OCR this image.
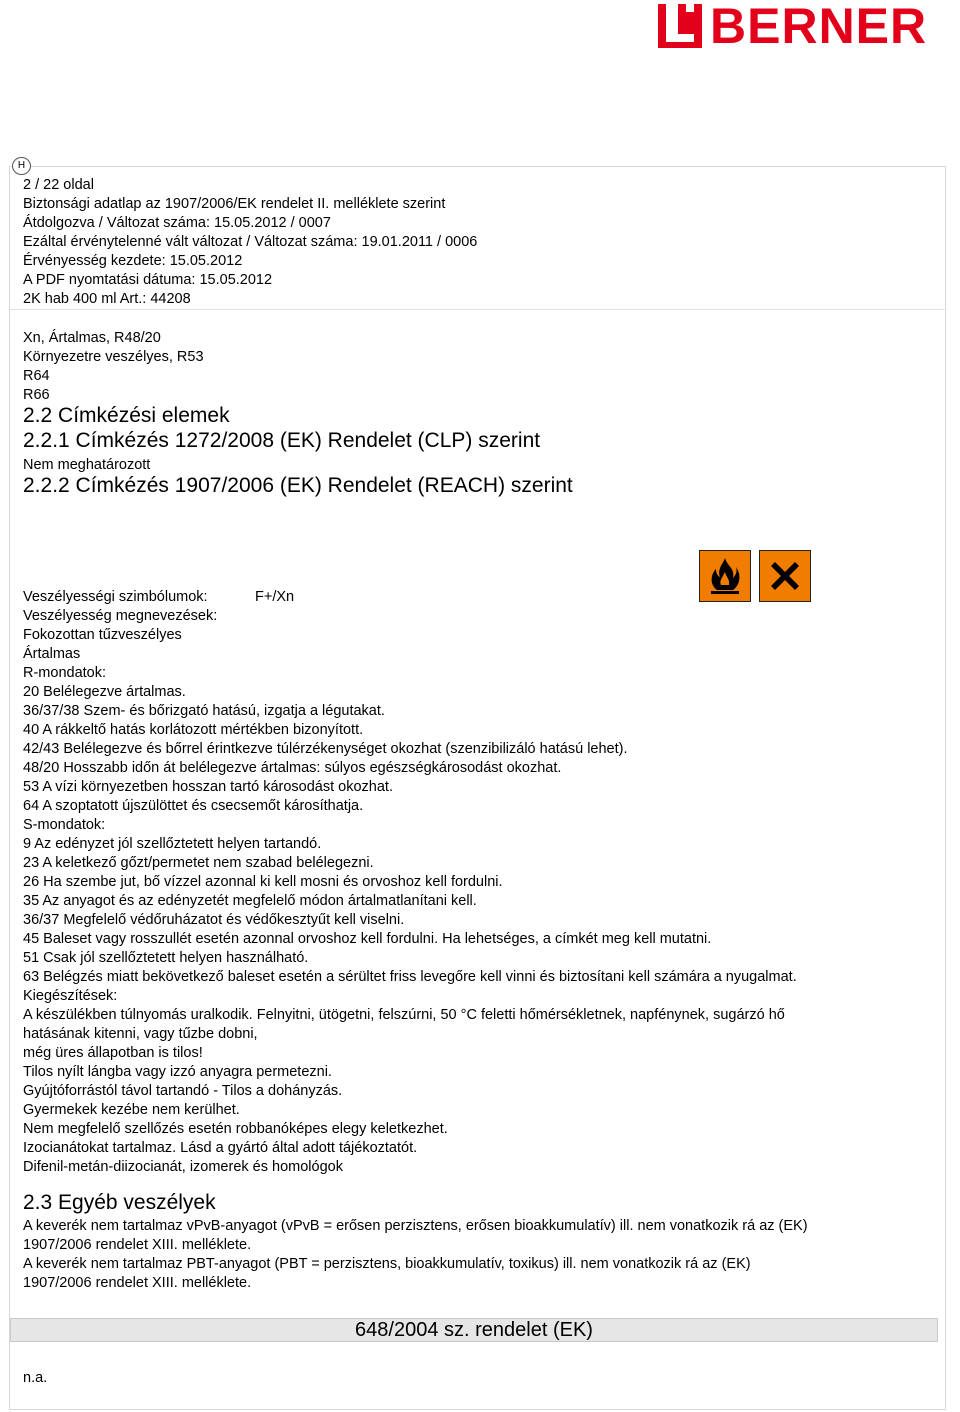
BERNER
H
2 / 22 oldal
Biztonsági adatlap az 1907/2006/EK rendelet II. melléklete szerint
Átdolgozva / Változat száma: 15.05.2012 / 0007
Ezáltal érvénytelenné vált változat / Változat száma: 19.01.2011 / 0006
Érvényesség kezdete: 15.05.2012
A PDF nyomtatási dátuma: 15.05.2012
2K hab 400 ml Art.: 44208
Xn, Ártalmas, R48/20
Környezetre veszélyes, R53
R64
R66
2.2 Címkézési elemek
2.2.1 Címkézés 1272/2008 (EK) Rendelet (CLP) szerint
Nem meghatározott
2.2.2 Címkézés 1907/2006 (EK) Rendelet (REACH) szerint
Veszélyességi szimbólumok:	F+/Xn
Veszélyesség megnevezések:
Fokozottan tűzveszélyes
Ártalmas
R-mondatok:
20 Belélegezve ártalmas.
36/37/38 Szem- és bőrizgató hatású, izgatja a légutakat.
40 A rákkeltő hatás korlátozott mértékben bizonyított.
42/43 Belélegezve és bőrrel érintkezve túlérzékenységet okozhat (szenzibilizáló hatású lehet).
48/20 Hosszabb időn át belélegezve ártalmas: súlyos egészségkárosodást okozhat.
53 A vízi környezetben hosszan tartó károsodást okozhat.
64 A szoptatott újszülöttet és csecsemőt károsíthatja.
S-mondatok:
9 Az edényzet jól szellőztetett helyen tartandó.
23 A keletkező gőzt/permetet nem szabad belélegezni.
26 Ha szembe jut, bő vízzel azonnal ki kell mosni és orvoshoz kell fordulni.
35 Az anyagot és az edényzetét megfelelő módon ártalmatlanítani kell.
36/37 Megfelelő védőruházatot és védőkesztyűt kell viselni.
45 Baleset vagy rosszullét esetén azonnal orvoshoz kell fordulni. Ha lehetséges, a címkét meg kell mutatni.
51 Csak jól szellőztetett helyen használható.
63 Belégzés miatt bekövetkező baleset esetén a sérültet friss levegőre kell vinni és biztosítani kell számára a nyugalmat.
Kiegészítések:
A készülékben túlnyomás uralkodik. Felnyitni, ütögetni, felszúrni, 50 °C feletti hőmérsékletnek, napfénynek, sugárzó hő
hatásának kitenni, vagy tűzbe dobni,
még üres állapotban is tilos!
Tilos nyílt lángba vagy izzó anyagra permetezni.
Gyújtóforrástól távol tartandó - Tilos a dohányzás.
Gyermekek kezébe nem kerülhet.
Nem megfelelő szellőzés esetén robbanóképes elegy keletkezhet.
Izocianátokat tartalmaz. Lásd a gyártó által adott tájékoztatót.
Difenil-metán-diizocianát, izomerek és homológok
2.3 Egyéb veszélyek
A keverék nem tartalmaz vPvB-anyagot (vPvB = erősen perzisztens, erősen bioakkumulatív) ill. nem vonatkozik rá az (EK)
1907/2006 rendelet XIII. melléklete.
A keverék nem tartalmaz PBT-anyagot (PBT = perzisztens, bioakkumulatív, toxikus) ill. nem vonatkozik rá az (EK)
1907/2006 rendelet XIII. melléklete.
648/2004 sz. rendelet (EK)
n.a.
